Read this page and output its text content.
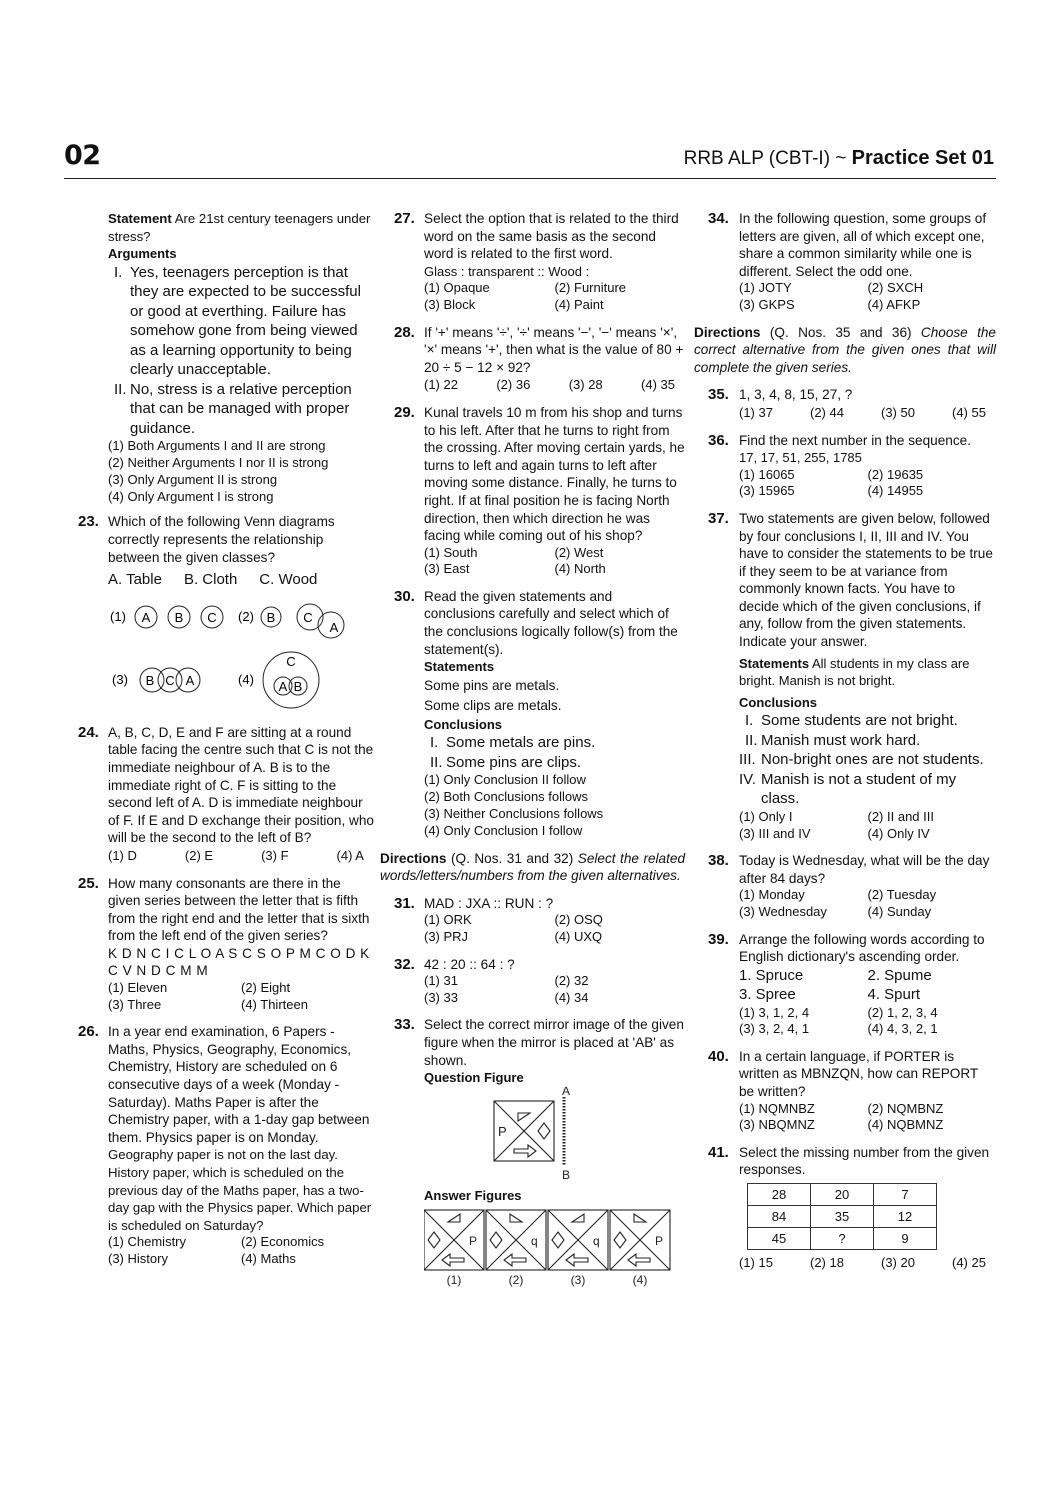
02	RRB ALP (CBT-I) ~ Practice Set 01
Statement Are 21st century teenagers under stress?
Arguments
I. Yes, teenagers perception is that they are expected to be successful or good at everthing. Failure has somehow gone from being viewed as a learning opportunity to being clearly unacceptable.
II. No, stress is a relative perception that can be managed with proper guidance.
(1) Both Arguments I and II are strong
(2) Neither Arguments I nor II is strong
(3) Only Argument II is strong
(4) Only Argument I is strong
23. Which of the following Venn diagrams correctly represents the relationship between the given classes?
A. Table B. Cloth C. Wood
(1) A B C (2) B C
A
(3) B C A	(4)
C
A B
24. A, B, C, D, E and F are sitting at a round table facing the centre such that C is not the immediate neighbour of A. B is to the immediate right of C. F is sitting to the second left of A. D is immediate neighbour of F. If E and D exchange their position, who will be the second to the left of B?
(1) D	(2) E	(3) F	(4) A
25. How many consonants are there in the given series between the letter that is fifth from the right end and the letter that is sixth from the left end of the given series?
K D N C I C L O A S C S O P M C O D K C V N D C M M
(1) Eleven	(2) Eight
(3) Three	(4) Thirteen
26. In a year end examination, 6 Papers - Maths, Physics, Geography, Economics, Chemistry, History are scheduled on 6 consecutive days of a week (Monday - Saturday). Maths Paper is after the Chemistry paper, with a 1-day gap between them. Physics paper is on Monday.
Geography paper is not on the last day. History paper, which is scheduled on the previous day of the Maths paper, has a two-day gap with the Physics paper. Which paper is scheduled on Saturday?
(1) Chemistry	(2) Economics
(3) History	(4) Maths
27. Select the option that is related to the third word on the same basis as the second word is related to the first word.
Glass : transparent :: Wood :
(1) Opaque	(2) Furniture
(3) Block	(4) Paint
28. If '+' means '÷', '÷' means '−', '−' means '×', '×' means '+', then what is the value of 80 + 20 ÷ 5 − 12 × 92?
(1) 22	(2) 36	(3) 28	(4) 35
29. Kunal travels 10 m from his shop and turns to his left. After that he turns to right from the crossing. After moving certain yards, he turns to left and again turns to left after moving some distance. Finally, he turns to right. If at final position he is facing North direction, then which direction he was facing while coming out of his shop?
(1) South	(2) West
(3) East	(4) North
30. Read the given statements and conclusions carefully and select which of the conclusions logically follow(s) from the statement(s).
Statements
Some pins are metals.
Some clips are metals.
Conclusions
I. Some metals are pins.
II. Some pins are clips.
(1) Only Conclusion II follow
(2) Both Conclusions follows
(3) Neither Conclusions follows
(4) Only Conclusion I follow
Directions (Q. Nos. 31 and 32) Select the related words/letters/numbers from the given alternatives.
31. MAD : JXA :: RUN : ?
(1) ORK	(2) OSQ
(3) PRJ	(4) UXQ
32. 42 : 20 :: 64 : ?
(1) 31	(2) 32
(3) 33	(4) 34
33. Select the correct mirror image of the given figure when the mirror is placed at 'AB' as shown.
Question Figure
P
A
B
Answer Figures
P	q	q	P
(1)	(2)	(3)	(4)
34. In the following question, some groups of letters are given, all of which except one, share a common similarity while one is different. Select the odd one.
(1) JOTY	(2) SXCH
(3) GKPS	(4) AFKP
Directions (Q. Nos. 35 and 36) Choose the correct alternative from the given ones that will complete the given series.
35. 1, 3, 4, 8, 15, 27, ?
(1) 37	(2) 44	(3) 50	(4) 55
36. Find the next number in the sequence.
17, 17, 51, 255, 1785
(1) 16065	(2) 19635
(3) 15965	(4) 14955
37. Two statements are given below, followed by four conclusions I, II, III and IV. You have to consider the statements to be true if they seem to be at variance from commonly known facts. You have to decide which of the given conclusions, if any, follow from the given statements. Indicate your answer.
Statements All students in my class are bright. Manish is not bright.
Conclusions
I. Some students are not bright.
II. Manish must work hard.
III. Non-bright ones are not students.
IV. Manish is not a student of my class.
(1) Only I	(2) II and III
(3) III and IV	(4) Only IV
38. Today is Wednesday, what will be the day after 84 days?
(1) Monday	(2) Tuesday
(3) Wednesday	(4) Sunday
39. Arrange the following words according to English dictionary's ascending order.
1. Spruce	2. Spume
3. Spree	4. Spurt
(1) 3, 1, 2, 4	(2) 1, 2, 3, 4
(3) 3, 2, 4, 1	(4) 4, 3, 2, 1
40. In a certain language, if PORTER is written as MBNZQN, how can REPORT be written?
(1) NQMNBZ	(2) NQMBNZ
(3) NBQMNZ	(4) NQBMNZ
41. Select the missing number from the given responses.
28	20	7
84	35	12
45	?	9
(1) 15	(2) 18	(3) 20	(4) 25
